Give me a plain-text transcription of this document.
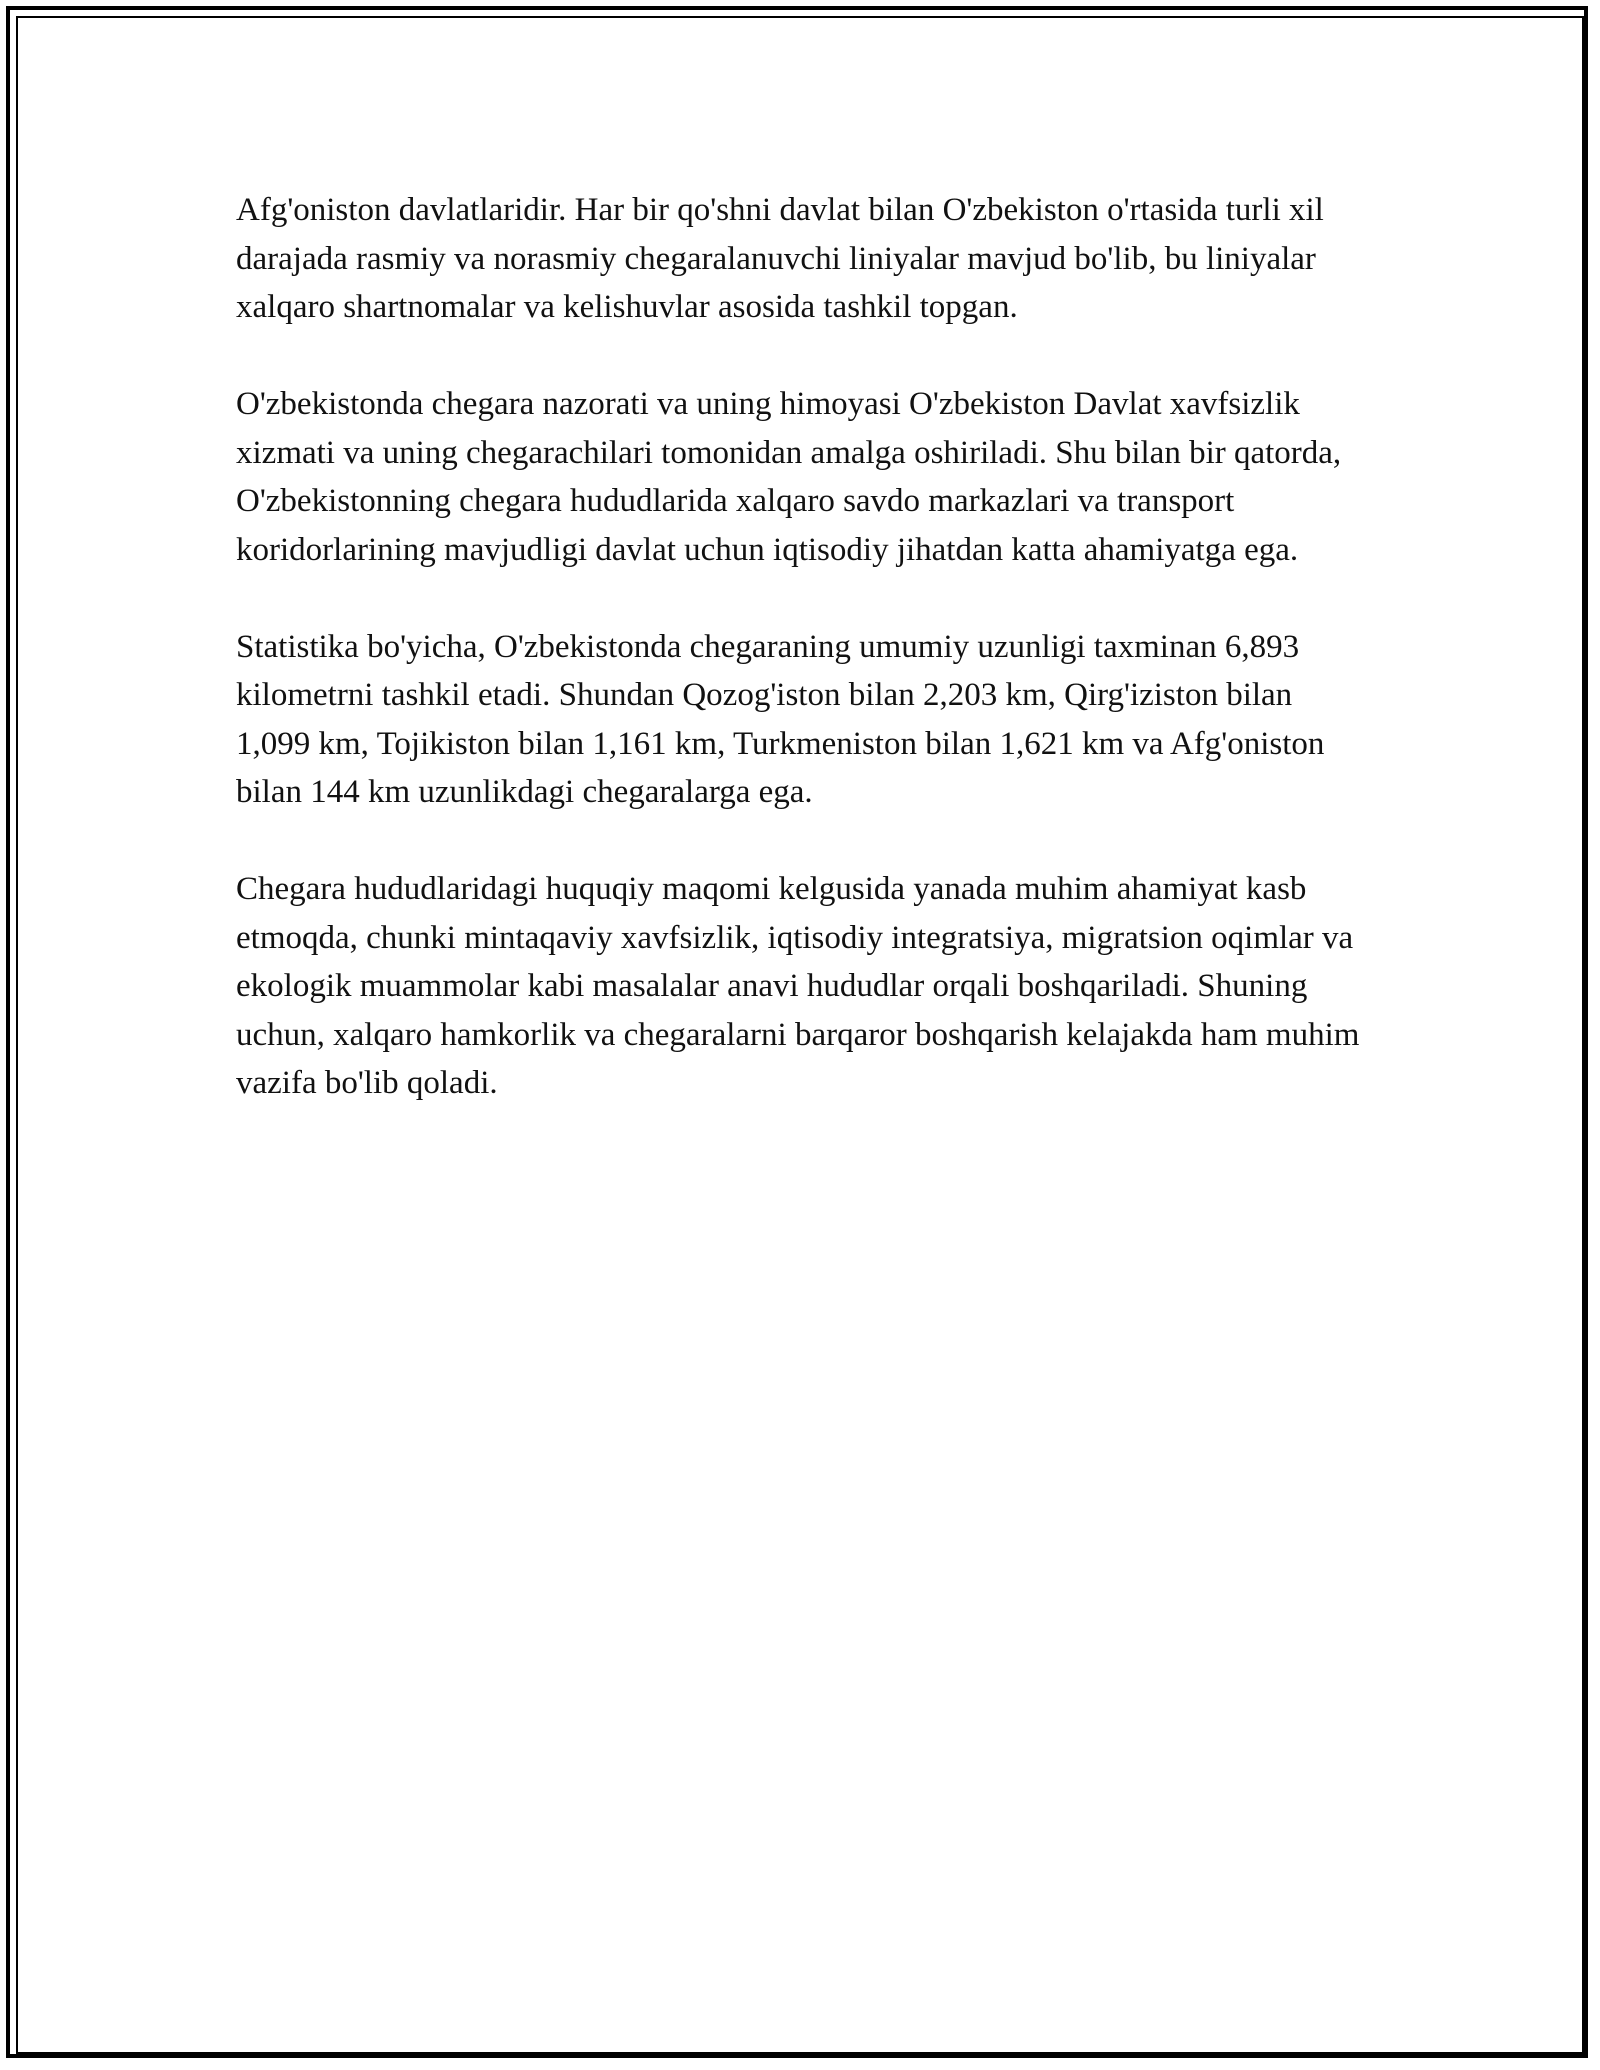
Afg'oniston davlatlaridir. Har bir qo'shni davlat bilan O'zbekiston o'rtasida turli xil darajada rasmiy va norasmiy chegaralanuvchi liniyalar mavjud bo'lib, bu liniyalar xalqaro shartnomalar va kelishuvlar asosida tashkil topgan.

O'zbekistonda chegara nazorati va uning himoyasi O'zbekiston Davlat xavfsizlik xizmati va uning chegarachilari tomonidan amalga oshiriladi. Shu bilan bir qatorda, O'zbekistonning chegara hududlarida xalqaro savdo markazlari va transport koridorlarining mavjudligi davlat uchun iqtisodiy jihatdan katta ahamiyatga ega.

Statistika bo'yicha, O'zbekistonda chegaraning umumiy uzunligi taxminan 6,893 kilometrni tashkil etadi. Shundan Qozog'iston bilan 2,203 km, Qirg'iziston bilan 1,099 km, Tojikiston bilan 1,161 km, Turkmeniston bilan 1,621 km va Afg'oniston bilan 144 km uzunlikdagi chegaralarga ega.

Chegara hududlaridagi huquqiy maqomi kelgusida yanada muhim ahamiyat kasb etmoqda, chunki mintaqaviy xavfsizlik, iqtisodiy integratsiya, migratsion oqimlar va ekologik muammolar kabi masalalar anavi hududlar orqali boshqariladi. Shuning uchun, xalqaro hamkorlik va chegaralarni barqaror boshqarish kelajakda ham muhim vazifa bo'lib qoladi.
